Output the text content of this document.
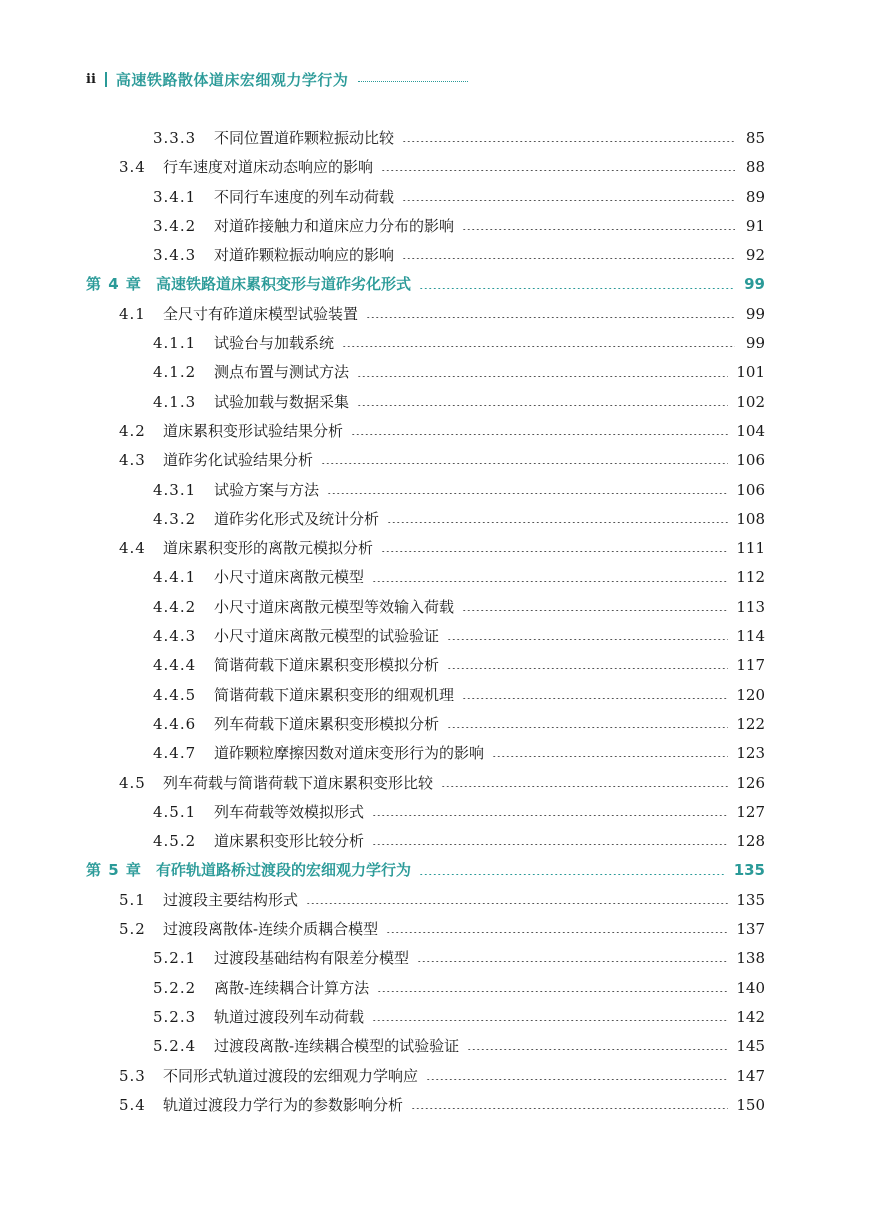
ii 高速铁路散体道床宏细观力学行为
3.3.3	不同位置道砟颗粒振动比较	85
3.4	行车速度对道床动态响应的影响	88
3.4.1	不同行车速度的列车动荷载	89
3.4.2	对道砟接触力和道床应力分布的影响	91
3.4.3	对道砟颗粒振动响应的影响	92
第 4 章 高速铁路道床累积变形与道砟劣化形式	99
4.1	全尺寸有砟道床模型试验装置	99
4.1.1	试验台与加载系统	99
4.1.2	测点布置与测试方法	101
4.1.3	试验加载与数据采集	102
4.2	道床累积变形试验结果分析	104
4.3	道砟劣化试验结果分析	106
4.3.1	试验方案与方法	106
4.3.2	道砟劣化形式及统计分析	108
4.4	道床累积变形的离散元模拟分析	111
4.4.1	小尺寸道床离散元模型	112
4.4.2	小尺寸道床离散元模型等效输入荷载	113
4.4.3	小尺寸道床离散元模型的试验验证	114
4.4.4	简谐荷载下道床累积变形模拟分析	117
4.4.5	简谐荷载下道床累积变形的细观机理	120
4.4.6	列车荷载下道床累积变形模拟分析	122
4.4.7	道砟颗粒摩擦因数对道床变形行为的影响	123
4.5	列车荷载与简谐荷载下道床累积变形比较	126
4.5.1	列车荷载等效模拟形式	127
4.5.2	道床累积变形比较分析	128
第 5 章 有砟轨道路桥过渡段的宏细观力学行为	135
5.1	过渡段主要结构形式	135
5.2	过渡段离散体-连续介质耦合模型	137
5.2.1	过渡段基础结构有限差分模型	138
5.2.2	离散-连续耦合计算方法	140
5.2.3	轨道过渡段列车动荷载	142
5.2.4	过渡段离散-连续耦合模型的试验验证	145
5.3	不同形式轨道过渡段的宏细观力学响应	147
5.4	轨道过渡段力学行为的参数影响分析	150
